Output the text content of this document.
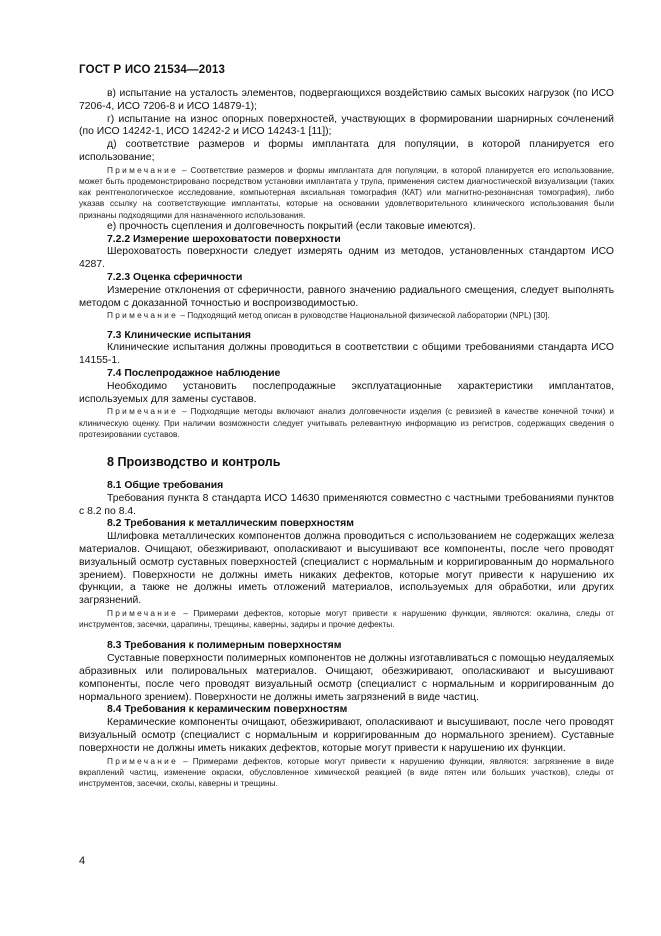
ГОСТ Р ИСО 21534—2013

в) испытание на усталость элементов, подвергающихся воздействию самых высоких нагрузок (по ИСО 7206-4, ИСО 7206-8 и ИСО 14879-1);

г) испытание на износ опорных поверхностей, участвующих в формировании шарнирных сочленений (по ИСО 14242-1, ИСО 14242-2 и ИСО 14243-1 [11]);

д) соответствие размеров и формы имплантата для популяции, в которой планируется его использование;

Примечание – Соответствие размеров и формы имплантата для популяции, в которой планируется его использование, может быть продемонстрировано посредством установки имплантата у трупа, применения систем диагностической визуализации (таких как рентгенологическое исследование, компьютерная аксиальная томография (КАТ) или магнитно-резонансная томография), либо указав ссылку на соответствующие имплантаты, которые на основании удовлетворительного клинического использования были признаны подходящими для назначенного использования.

е) прочность сцепления и долговечность покрытий (если таковые имеются).

7.2.2 Измерение шероховатости поверхности

Шероховатость поверхности следует измерять одним из методов, установленных стандартом ИСО 4287.

7.2.3 Оценка сферичности

Измерение отклонения от сферичности, равного значению радиального смещения, следует выполнять методом с доказанной точностью и воспроизводимостью.

Примечание – Подходящий метод описан в руководстве Национальной физической лаборатории (NPL) [30].

7.3 Клинические испытания

Клинические испытания должны проводиться в соответствии с общими требованиями стандарта ИСО 14155-1.

7.4 Послепродажное наблюдение

Необходимо установить послепродажные эксплуатационные характеристики имплантатов, используемых для замены суставов.

Примечание – Подходящие методы включают анализ долговечности изделия (с ревизией в качестве конечной точки) и клиническую оценку. При наличии возможности следует учитывать релевантную информацию из регистров, содержащих сведения о протезировании суставов.

8 Производство и контроль

8.1 Общие требования

Требования пункта 8 стандарта ИСО 14630 применяются совместно с частными требованиями пунктов с 8.2 по 8.4.

8.2 Требования к металлическим поверхностям

Шлифовка металлических компонентов должна проводиться с использованием не содержащих железа материалов. Очищают, обезжиривают, ополаскивают и высушивают все компоненты, после чего проводят визуальный осмотр суставных поверхностей (специалист с нормальным и корригированным до нормального зрением). Поверхности не должны иметь никаких дефектов, которые могут привести к нарушению их функции, а также не должны иметь отложений материалов, используемых для обработки, или других загрязнений.

Примечание – Примерами дефектов, которые могут привести к нарушению функции, являются: окалина, следы от инструментов, засечки, царапины, трещины, каверны, задиры и прочие дефекты.

8.3 Требования к полимерным поверхностям

Суставные поверхности полимерных компонентов не должны изготавливаться с помощью неудаляемых абразивных или полировальных материалов. Очищают, обезжиривают, ополаскивают и высушивают компоненты, после чего проводят визуальный осмотр (специалист с нормальным и корригированным до нормального зрением). Поверхности не должны иметь загрязнений в виде частиц.

8.4 Требования к керамическим поверхностям

Керамические компоненты очищают, обезжиривают, ополаскивают и высушивают, после чего проводят визуальный осмотр (специалист с нормальным и корригированным до нормального зрением). Суставные поверхности не должны иметь никаких дефектов, которые могут привести к нарушению их функции.

Примечание – Примерами дефектов, которые могут привести к нарушению функции, являются: загрязнение в виде вкраплений частиц, изменение окраски, обусловленное химической реакцией (в виде пятен или больших участков), следы от инструментов, засечки, сколы, каверны и трещины.

4
